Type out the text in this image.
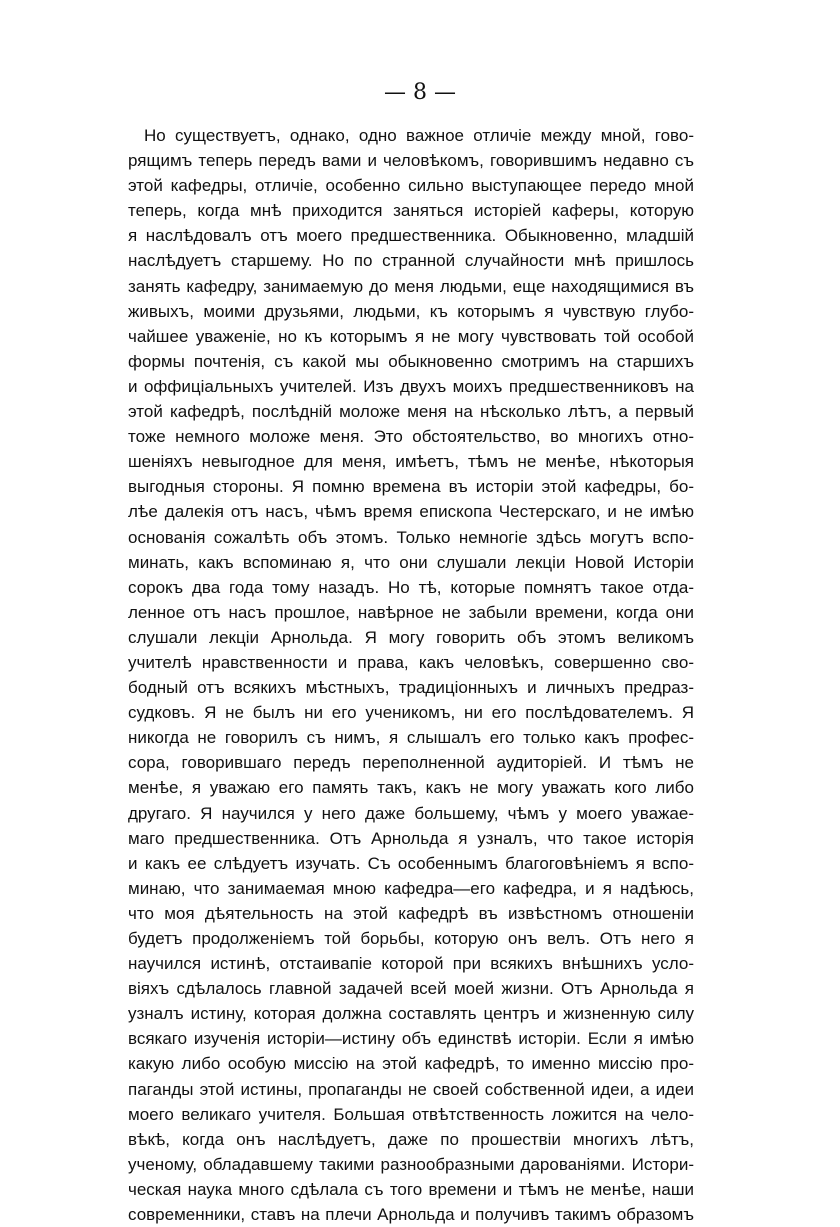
— 8 —
Но существуетъ, однако, одно важное отличіе между мной, гово-
рящимъ теперь передъ вами и человѣкомъ, говорившимъ недавно съ
этой кафедры, отличіе, особенно сильно выступающее передо мной
теперь, когда мнѣ приходится заняться исторіей каферы, которую
я наслѣдовалъ отъ моего предшественника. Обыкновенно, младшій
наслѣдуетъ старшему. Но по странной случайности мнѣ пришлось
занять кафедру, занимаемую до меня людьми, еще находящимися въ
живыхъ, моими друзьями, людьми, къ которымъ я чувствую глубо-
чайшее уваженіе, но къ которымъ я не могу чувствовать той особой
формы почтенія, съ какой мы обыкновенно смотримъ на старшихъ
и оффиціальныхъ учителей. Изъ двухъ моихъ предшественниковъ на
этой кафедрѣ, послѣдній моложе меня на нѣсколько лѣтъ, а первый
тоже немного моложе меня. Это обстоятельство, во многихъ отно-
шеніяхъ невыгодное для меня, имѣетъ, тѣмъ не менѣе, нѣкоторыя
выгодныя стороны. Я помню времена въ исторіи этой кафедры, бо-
лѣе далекія отъ насъ, чѣмъ время епископа Честерскаго, и не имѣю
основанія сожалѣть объ этомъ. Только немногіе здѣсь могутъ вспо-
минать, какъ вспоминаю я, что они слушали лекціи Новой Исторіи
сорокъ два года тому назадъ. Но тѣ, которые помнятъ такое отда-
ленное отъ насъ прошлое, навѣрное не забыли времени, когда они
слушали лекціи Арнольда. Я могу говорить объ этомъ великомъ
учителѣ нравственности и права, какъ человѣкъ, совершенно сво-
бодный отъ всякихъ мѣстныхъ, традиціонныхъ и личныхъ предраз-
судковъ. Я не былъ ни его ученикомъ, ни его послѣдователемъ. Я
никогда не говорилъ съ нимъ, я слышалъ его только какъ профес-
сора, говорившаго передъ переполненной аудиторіей. И тѣмъ не
менѣе, я уважаю его память такъ, какъ не могу уважать кого либо
другаго. Я научился у него даже большему, чѣмъ у моего уважае-
маго предшественника. Отъ Арнольда я узналъ, что такое исторія
и какъ ее слѣдуетъ изучать. Съ особеннымъ благоговѣніемъ я вспо-
минаю, что занимаемая мною кафедра—его кафедра, и я надѣюсь,
что моя дѣятельность на этой кафедрѣ въ извѣстномъ отношеніи
будетъ продолженіемъ той борьбы, которую онъ велъ. Отъ него я
научился истинѣ, отстаивапіе которой при всякихъ внѣшнихъ усло-
віяхъ сдѣлалось главной задачей всей моей жизни. Отъ Арнольда я
узналъ истину, которая должна составлять центръ и жизненную силу
всякаго изученія исторіи—истину объ единствѣ исторіи. Если я имѣю
какую либо особую миссію на этой кафедрѣ, то именно миссію про-
паганды этой истины, пропаганды не своей собственной идеи, а идеи
моего великаго учителя. Большая отвѣтственность ложится на чело-
вѣкѣ, когда онъ наслѣдуетъ, даже по прошествіи многихъ лѣтъ,
ученому, обладавшему такими разнообразными дарованіями. Истори-
ческая наука много сдѣлала съ того времени и тѣмъ не менѣе, наши
современники, ставъ на плечи Арнольда и получивъ такимъ образомъ
